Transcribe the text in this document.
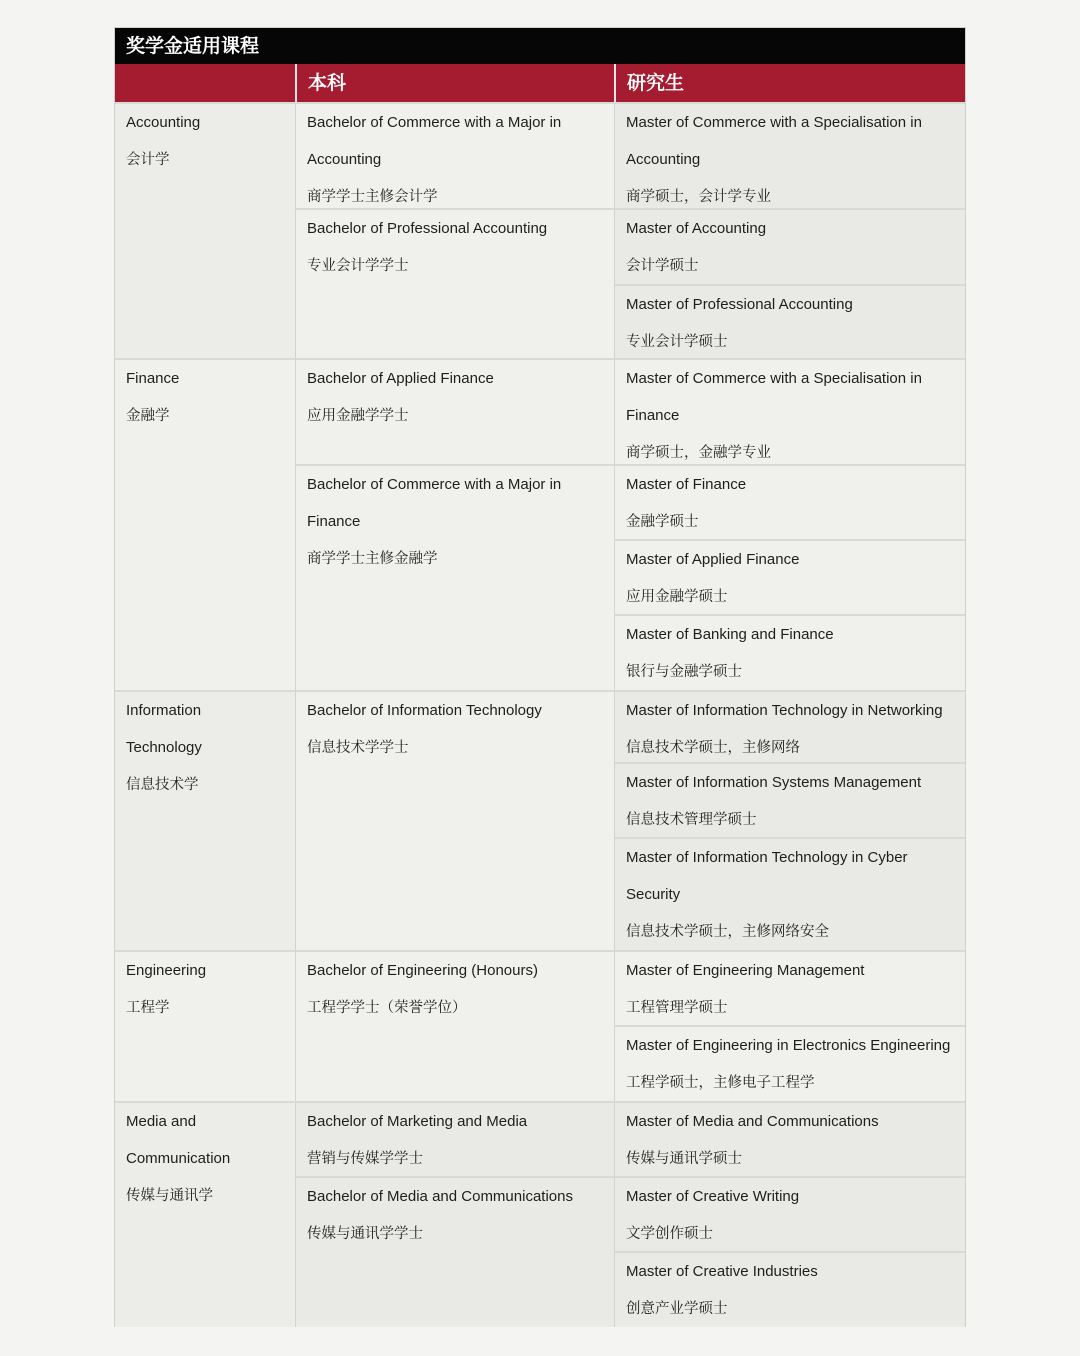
奖学金适用课程
本科	研究生
Accounting
会计学
Finance
金融学
Information
Technology
信息技术学
Engineering
工程学
Media and
Communication
传媒与通讯学
Bachelor of Commerce with a Major in
Accounting
商学学士主修会计学
Bachelor of Professional Accounting
专业会计学学士
Bachelor of Applied Finance
应用金融学学士
Bachelor of Commerce with a Major in
Finance
商学学士主修金融学
Bachelor of Information Technology
信息技术学学士
Bachelor of Engineering (Honours)
工程学学士（荣誉学位）
Bachelor of Marketing and Media
营销与传媒学学士
Bachelor of Media and Communications
传媒与通讯学学士
Master of Commerce with a Specialisation in
Accounting
商学硕士，会计学专业
Master of Accounting
会计学硕士
Master of Professional Accounting
专业会计学硕士
Master of Commerce with a Specialisation in
Finance
商学硕士，金融学专业
Master of Finance
金融学硕士
Master of Applied Finance
应用金融学硕士
Master of Banking and Finance
银行与金融学硕士
Master of Information Technology in Networking
信息技术学硕士，主修网络
Master of Information Systems Management
信息技术管理学硕士
Master of Information Technology in Cyber
Security
信息技术学硕士，主修网络安全
Master of Engineering Management
工程管理学硕士
Master of Engineering in Electronics Engineering
工程学硕士，主修电子工程学
Master of Media and Communications
传媒与通讯学硕士
Master of Creative Writing
文学创作硕士
Master of Creative Industries
创意产业学硕士
